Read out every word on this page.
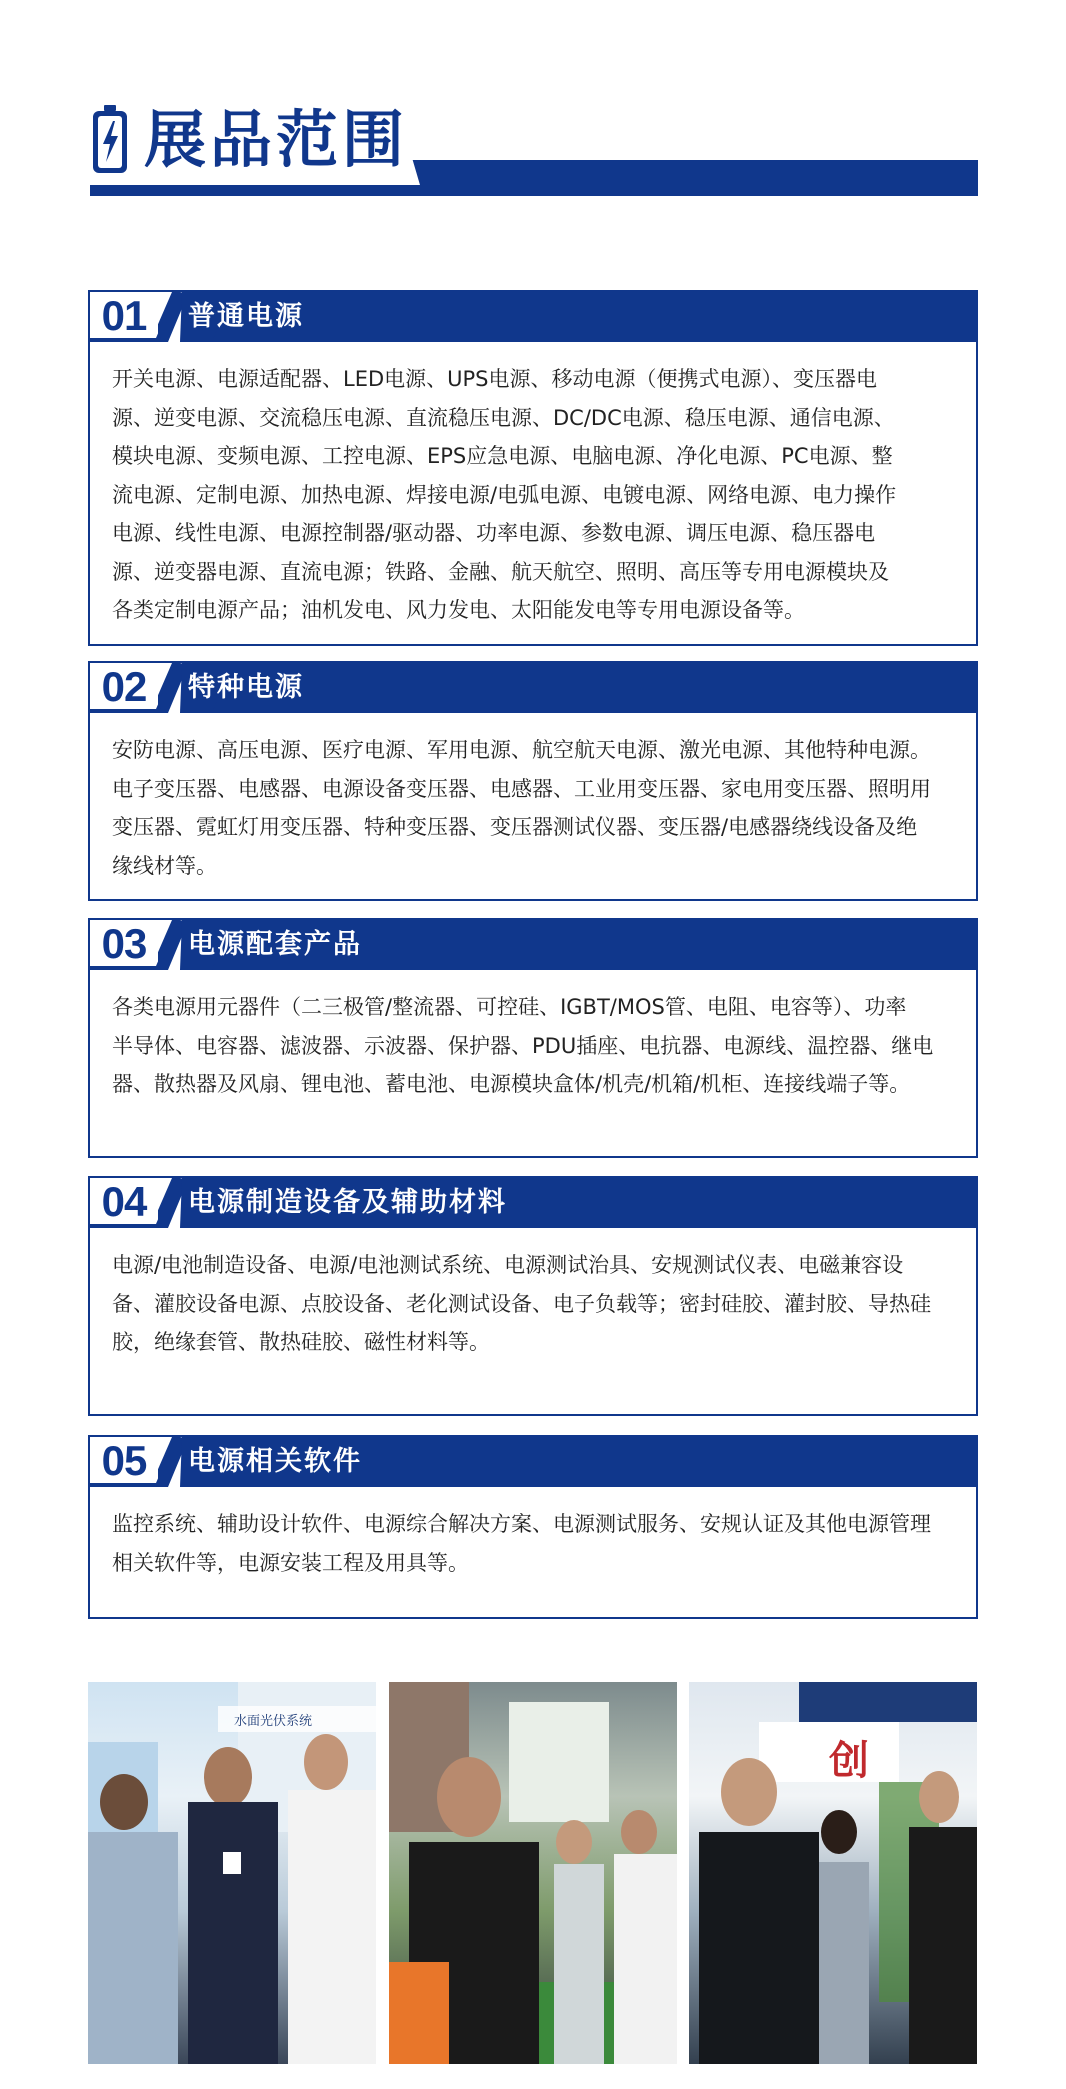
展品范围
01	普通电源
开关电源、电源适配器、LED电源、UPS电源、移动电源（便携式电源）、变压器电
源、逆变电源、交流稳压电源、直流稳压电源、DC/DC电源、稳压电源、通信电源、
模块电源、变频电源、工控电源、EPS应急电源、电脑电源、净化电源、PC电源、整
流电源、定制电源、加热电源、焊接电源/电弧电源、电镀电源、网络电源、电力操作
电源、线性电源、电源控制器/驱动器、功率电源、参数电源、调压电源、稳压器电
源、逆变器电源、直流电源；铁路、金融、航天航空、照明、高压等专用电源模块及
各类定制电源产品；油机发电、风力发电、太阳能发电等专用电源设备等。
02	特种电源
安防电源、高压电源、医疗电源、军用电源、航空航天电源、激光电源、其他特种电源。
电子变压器、电感器、电源设备变压器、电感器、工业用变压器、家电用变压器、照明用
变压器、霓虹灯用变压器、特种变压器、变压器测试仪器、变压器/电感器绕线设备及绝
缘线材等。
03	电源配套产品
各类电源用元器件（二三极管/整流器、可控硅、IGBT/MOS管、电阻、电容等）、功率
半导体、电容器、滤波器、示波器、保护器、PDU插座、电抗器、电源线、温控器、继电
器、散热器及风扇、锂电池、蓄电池、电源模块盒体/机壳/机箱/机柜、连接线端子等。
04	电源制造设备及辅助材料
电源/电池制造设备、电源/电池测试系统、电源测试治具、安规测试仪表、电磁兼容设
备、灌胶设备电源、点胶设备、老化测试设备、电子负载等；密封硅胶、灌封胶、导热硅
胶，绝缘套管、散热硅胶、磁性材料等。
05	电源相关软件
监控系统、辅助设计软件、电源综合解决方案、电源测试服务、安规认证及其他电源管理
相关软件等，电源安装工程及用具等。
水面光伏系统
创
